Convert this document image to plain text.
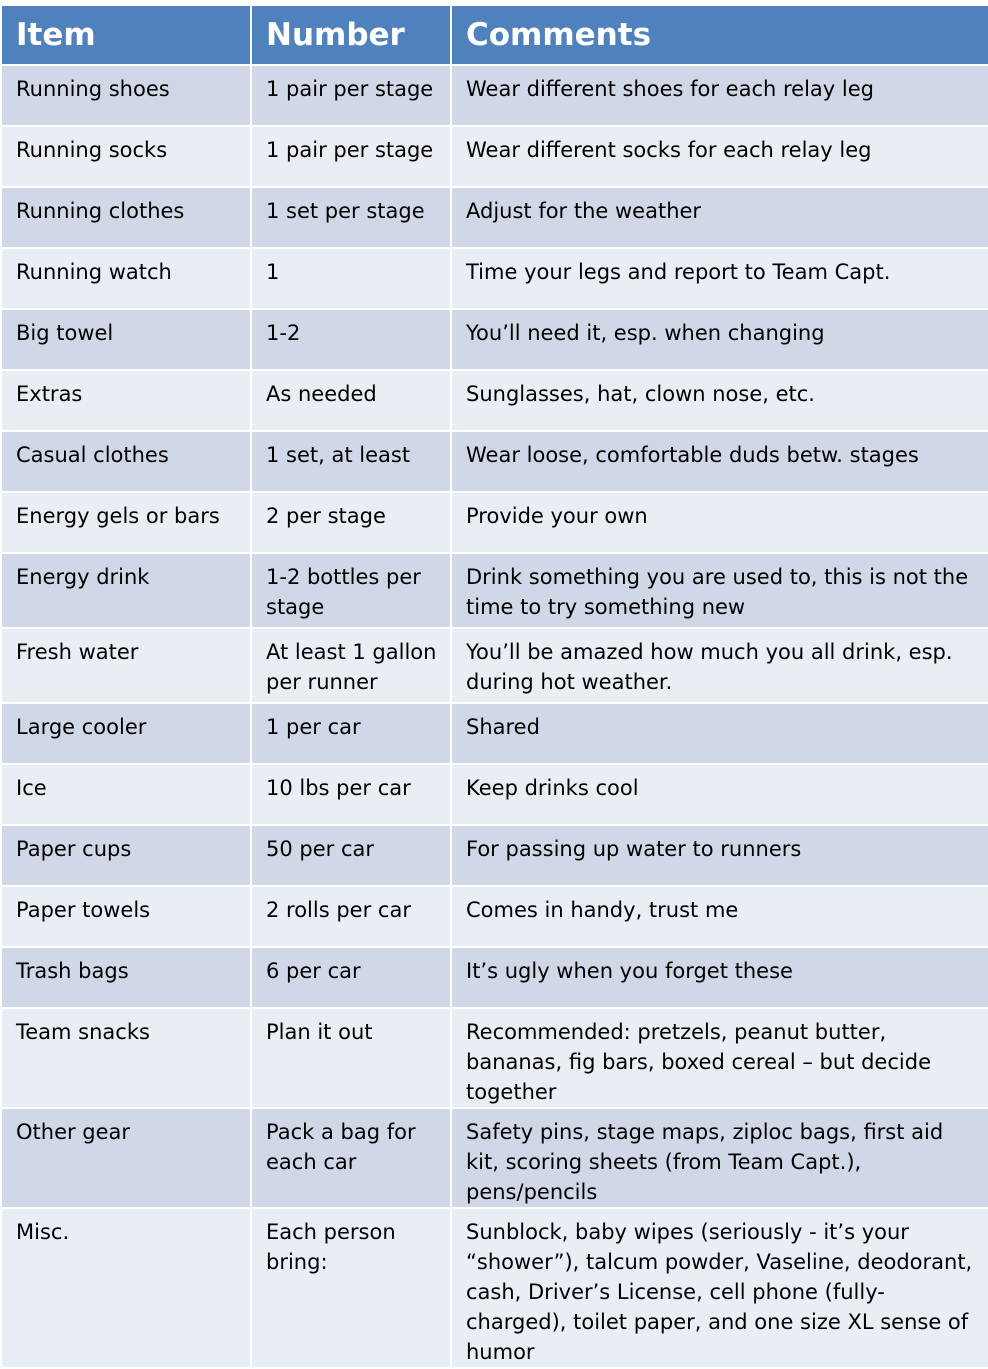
Item	Number	Comments
Running shoes	1 pair per stage	Wear different shoes for each relay leg
Running socks	1 pair per stage	Wear different socks for each relay leg
Running clothes	1 set per stage	Adjust for the weather
Running watch	1	Time your legs and report to Team Capt.
Big towel	1-2	You’ll need it, esp. when changing
Extras	As needed	Sunglasses, hat, clown nose, etc.
Casual clothes	1 set, at least	Wear loose, comfortable duds betw. stages
Energy gels or bars	2 per stage	Provide your own
Energy drink	1-2 bottles per stage	Drink something you are used to, this is not the time to try something new
Fresh water	At least 1 gallon per runner	You’ll be amazed how much you all drink, esp. during hot weather.
Large cooler	1 per car	Shared
Ice	10 lbs per car	Keep drinks cool
Paper cups	50 per car	For passing up water to runners
Paper towels	2 rolls per car	Comes in handy, trust me
Trash bags	6 per car	It’s ugly when you forget these
Team snacks	Plan it out	Recommended: pretzels, peanut butter, bananas, fig bars, boxed cereal – but decide together
Other gear	Pack a bag for each car	Safety pins, stage maps, ziploc bags, first aid kit, scoring sheets (from Team Capt.), pens/pencils
Misc.	Each person bring:	Sunblock, baby wipes (seriously - it’s your “shower”), talcum powder, Vaseline, deodorant, cash, Driver’s License, cell phone (fully-charged), toilet paper, and one size XL sense of humor
